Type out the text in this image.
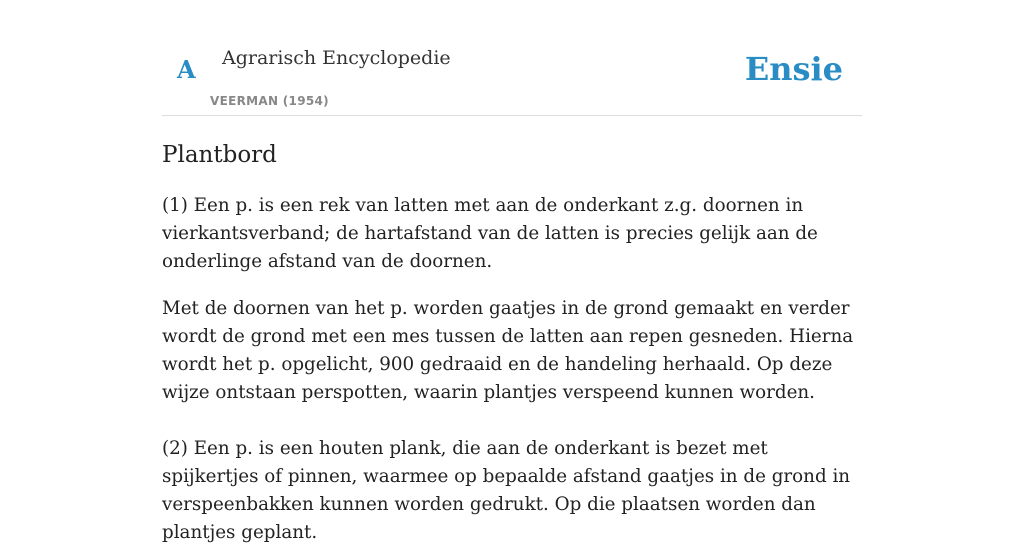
A Agrarisch Encyclopedie
VEERMAN (1954)
Ensie
Plantbord

(1) Een p. is een rek van latten met aan de onderkant z.g. doornen in vierkantsverband; de hartafstand van de latten is precies gelijk aan de onderlinge afstand van de doornen.

Met de doornen van het p. worden gaatjes in de grond gemaakt en verder wordt de grond met een mes tussen de latten aan repen gesneden. Hierna wordt het p. opgelicht, 900 gedraaid en de handeling herhaald. Op deze wijze ontstaan perspotten, waarin plantjes verspeend kunnen worden.

(2) Een p. is een houten plank, die aan de onderkant is bezet met spijkertjes of pinnen, waarmee op bepaalde afstand gaatjes in de grond in verspeenbakken kunnen worden gedrukt. Op die plaatsen worden dan plantjes geplant.
